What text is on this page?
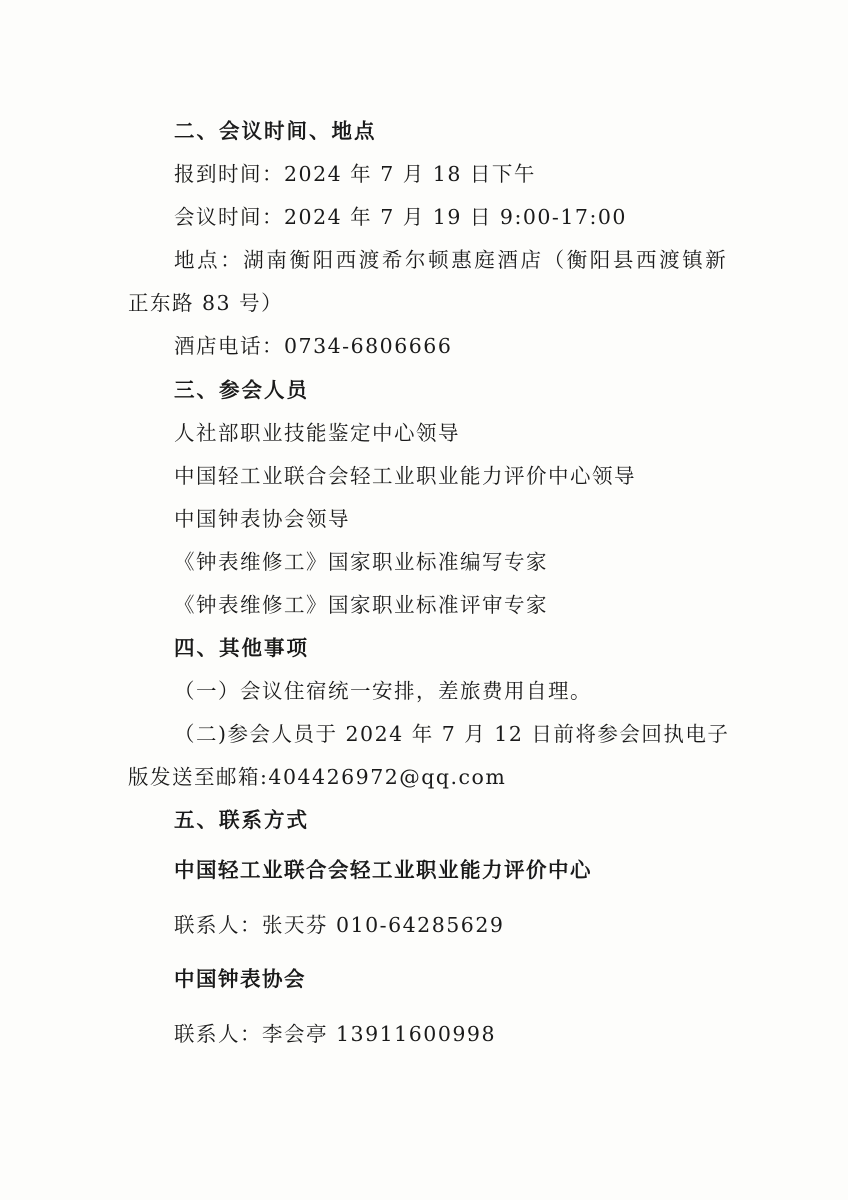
二、会议时间、地点
报到时间：2024 年 7 月 18 日下午
会议时间：2024 年 7 月 19 日 9:00-17:00
地点：湖南衡阳西渡希尔顿惠庭酒店（衡阳县西渡镇新
正东路 83 号）
酒店电话：0734-6806666
三、参会人员
人社部职业技能鉴定中心领导
中国轻工业联合会轻工业职业能力评价中心领导
中国钟表协会领导
《钟表维修工》国家职业标准编写专家
《钟表维修工》国家职业标准评审专家
四、其他事项
（一）会议住宿统一安排，差旅费用自理。
（二)参会人员于 2024 年 7 月 12 日前将参会回执电子
版发送至邮箱:404426972@qq.com
五、联系方式
中国轻工业联合会轻工业职业能力评价中心
联系人：张天芬 010-64285629
中国钟表协会
联系人：李会亭 13911600998
